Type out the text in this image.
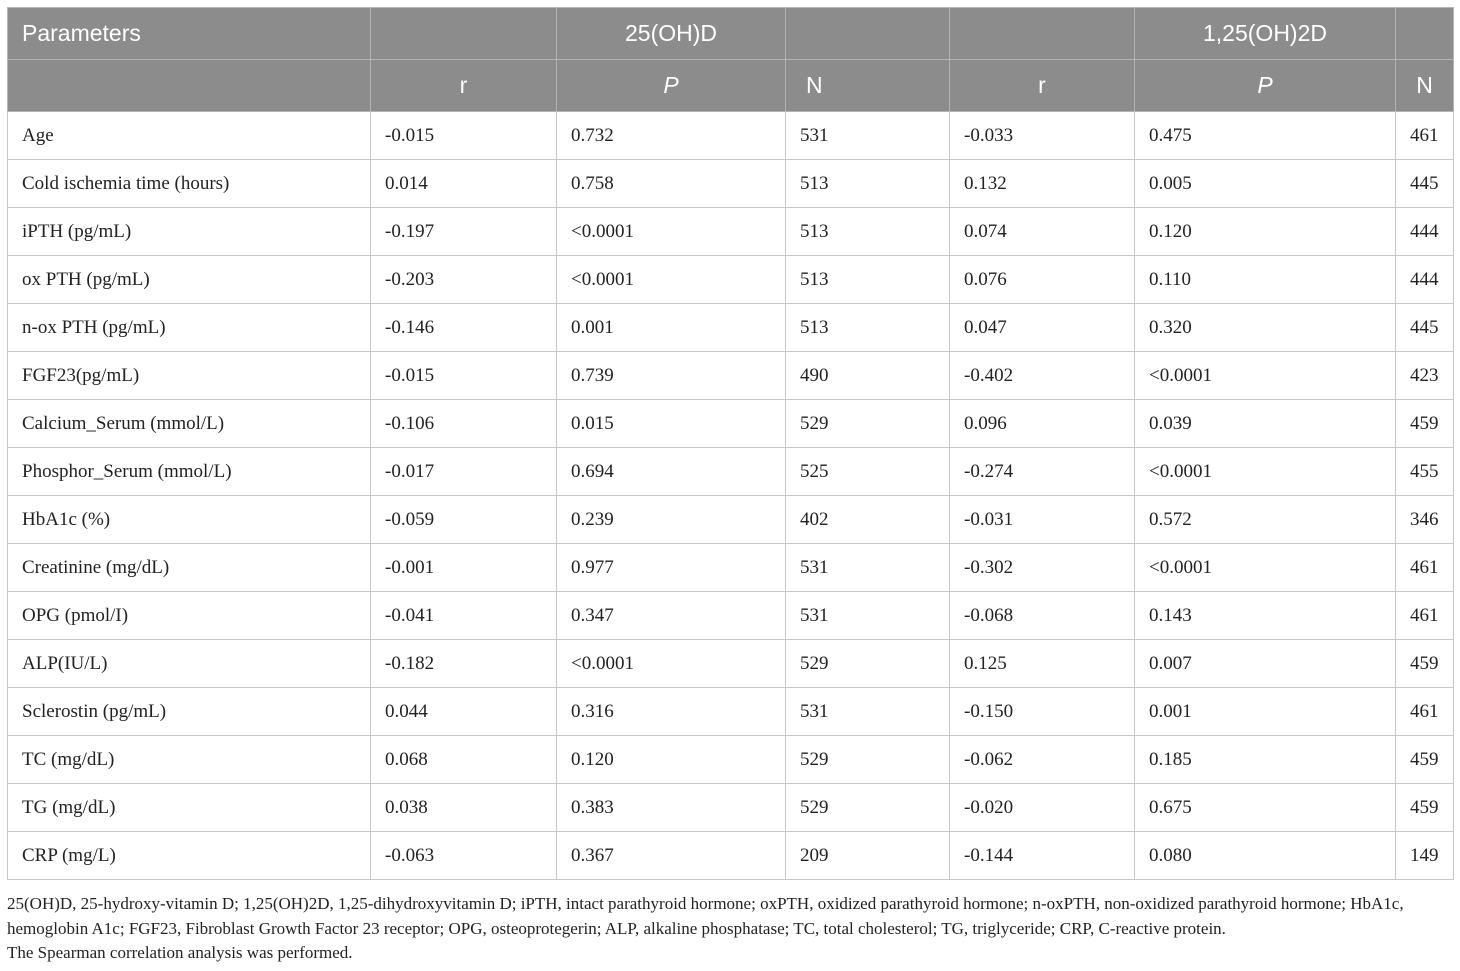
Parameters		25(OH)D			1,25(OH)2D	
	r	P	N	r	P	N
Age	-0.015	0.732	531	-0.033	0.475	461
Cold ischemia time (hours)	0.014	0.758	513	0.132	0.005	445
iPTH (pg/mL)	-0.197	<0.0001	513	0.074	0.120	444
ox PTH (pg/mL)	-0.203	<0.0001	513	0.076	0.110	444
n-ox PTH (pg/mL)	-0.146	0.001	513	0.047	0.320	445
FGF23(pg/mL)	-0.015	0.739	490	-0.402	<0.0001	423
Calcium_Serum (mmol/L)	-0.106	0.015	529	0.096	0.039	459
Phosphor_Serum (mmol/L)	-0.017	0.694	525	-0.274	<0.0001	455
HbA1c (%)	-0.059	0.239	402	-0.031	0.572	346
Creatinine (mg/dL)	-0.001	0.977	531	-0.302	<0.0001	461
OPG (pmol/I)	-0.041	0.347	531	-0.068	0.143	461
ALP(IU/L)	-0.182	<0.0001	529	0.125	0.007	459
Sclerostin (pg/mL)	0.044	0.316	531	-0.150	0.001	461
TC (mg/dL)	0.068	0.120	529	-0.062	0.185	459
TG (mg/dL)	0.038	0.383	529	-0.020	0.675	459
CRP (mg/L)	-0.063	0.367	209	-0.144	0.080	149

25(OH)D, 25-hydroxy-vitamin D; 1,25(OH)2D, 1,25-dihydroxyvitamin D; iPTH, intact parathyroid hormone; oxPTH, oxidized parathyroid hormone; n-oxPTH, non-oxidized parathyroid hormone; HbA1c, hemoglobin A1c; FGF23, Fibroblast Growth Factor 23 receptor; OPG, osteoprotegerin; ALP, alkaline phosphatase; TC, total cholesterol; TG, triglyceride; CRP, C-reactive protein.

The Spearman correlation analysis was performed.
